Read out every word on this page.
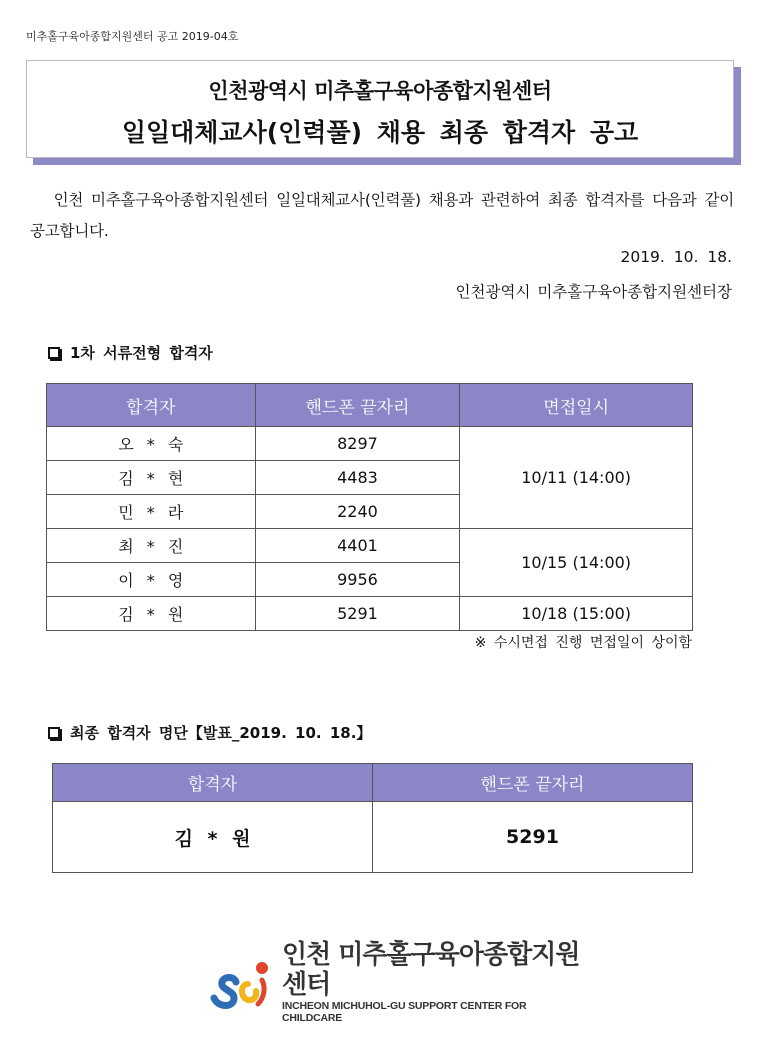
미추홀구육아종합지원센터 공고 2019-04호
인천광역시 미추홀구육아종합지원센터
일일대체교사(인력풀) 채용 최종 합격자 공고
인천 미추홀구육아종합지원센터 일일대체교사(인력풀) 채용과 관련하여 최종 합격자를 다음과 같이 공고합니다.
2019. 10. 18.
인천광역시 미추홀구육아종합지원센터장
1차 서류전형 합격자
합격자	핸드폰 끝자리	면접일시
오 * 숙	8297	10/11 (14:00)
김 * 현	4483	
민 * 라	2240	
최 * 진	4401	10/15 (14:00)
이 * 영	9956	
김 * 원	5291	10/18 (15:00)
※ 수시면접 진행 면접일이 상이함
최종 합격자 명단【발표_2019. 10. 18.】
합격자	핸드폰 끝자리
김 * 원	5291
인천 미추홀구육아종합지원센터
INCHEON MICHUHOL-GU SUPPORT CENTER FOR CHILDCARE
